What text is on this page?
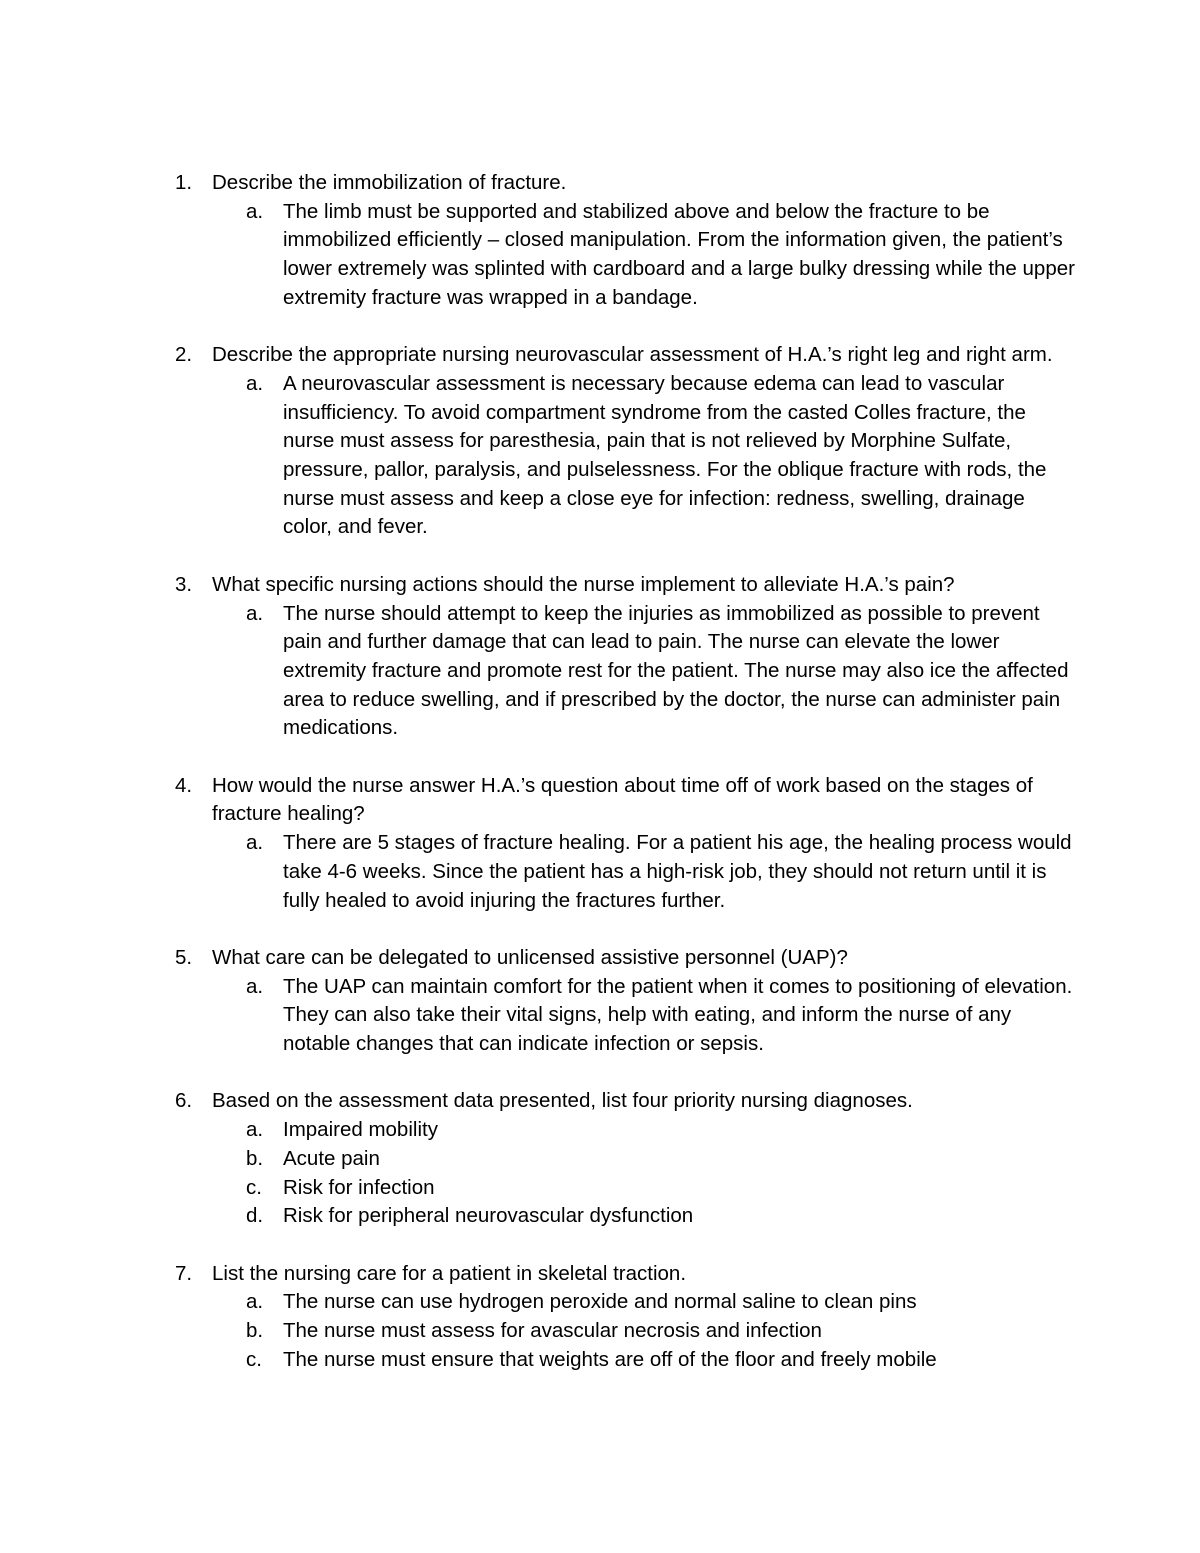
1. Describe the immobilization of fracture.
a. The limb must be supported and stabilized above and below the fracture to be immobilized efficiently – closed manipulation. From the information given, the patient’s lower extremely was splinted with cardboard and a large bulky dressing while the upper extremity fracture was wrapped in a bandage.
2. Describe the appropriate nursing neurovascular assessment of H.A.’s right leg and right arm.
a. A neurovascular assessment is necessary because edema can lead to vascular insufficiency. To avoid compartment syndrome from the casted Colles fracture, the nurse must assess for paresthesia, pain that is not relieved by Morphine Sulfate, pressure, pallor, paralysis, and pulselessness. For the oblique fracture with rods, the nurse must assess and keep a close eye for infection: redness, swelling, drainage color, and fever.
3. What specific nursing actions should the nurse implement to alleviate H.A.’s pain?
a. The nurse should attempt to keep the injuries as immobilized as possible to prevent pain and further damage that can lead to pain. The nurse can elevate the lower extremity fracture and promote rest for the patient. The nurse may also ice the affected area to reduce swelling, and if prescribed by the doctor, the nurse can administer pain medications.
4. How would the nurse answer H.A.’s question about time off of work based on the stages of fracture healing?
a. There are 5 stages of fracture healing. For a patient his age, the healing process would take 4-6 weeks. Since the patient has a high-risk job, they should not return until it is fully healed to avoid injuring the fractures further.
5. What care can be delegated to unlicensed assistive personnel (UAP)?
a. The UAP can maintain comfort for the patient when it comes to positioning of elevation. They can also take their vital signs, help with eating, and inform the nurse of any notable changes that can indicate infection or sepsis.
6. Based on the assessment data presented, list four priority nursing diagnoses.
a. Impaired mobility
b. Acute pain
c. Risk for infection
d. Risk for peripheral neurovascular dysfunction
7. List the nursing care for a patient in skeletal traction.
a. The nurse can use hydrogen peroxide and normal saline to clean pins
b. The nurse must assess for avascular necrosis and infection
c. The nurse must ensure that weights are off of the floor and freely mobile
